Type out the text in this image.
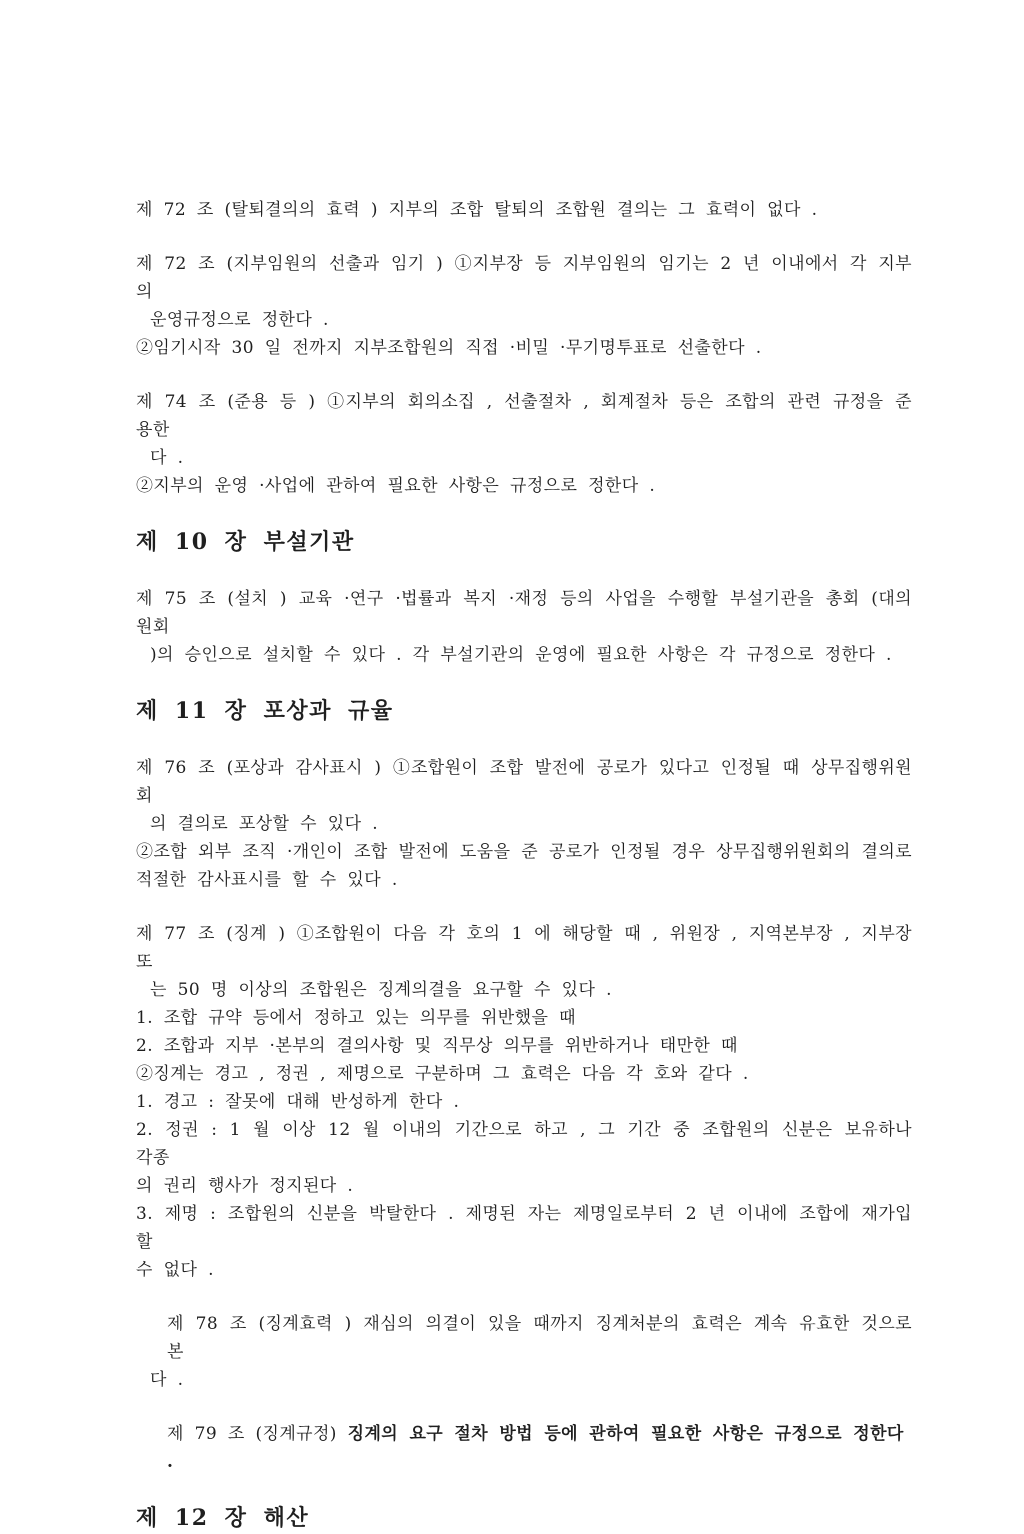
제 72 조 (탈퇴결의의 효력 ) 지부의 조합 탈퇴의 조합원 결의는 그 효력이 없다 .
제 72 조 (지부임원의 선출과 임기 ) ①지부장 등 지부임원의 임기는 2 년 이내에서 각 지부의
운영규정으로 정한다 .
②임기시작 30 일 전까지 지부조합원의 직접 ·비밀 ·무기명투표로 선출한다 .
제 74 조 (준용 등 ) ①지부의 회의소집 , 선출절차 , 회계절차 등은 조합의 관련 규정을 준용한
다 .
②지부의 운영 ·사업에 관하여 필요한 사항은 규정으로 정한다 .
제 10 장 부설기관
제 75 조 (설치 ) 교육 ·연구 ·법률과 복지 ·재정 등의 사업을 수행할 부설기관을 총회 (대의원회
)의 승인으로 설치할 수 있다 . 각 부설기관의 운영에 필요한 사항은 각 규정으로 정한다 .
제 11 장 포상과 규율
제 76 조 (포상과 감사표시 ) ①조합원이 조합 발전에 공로가 있다고 인정될 때 상무집행위원회
의 결의로 포상할 수 있다 .
②조합 외부 조직 ·개인이 조합 발전에 도움을 준 공로가 인정될 경우 상무집행위원회의 결의로
적절한 감사표시를 할 수 있다 .
제 77 조 (징계 ) ①조합원이 다음 각 호의 1 에 해당할 때 , 위원장 , 지역본부장 , 지부장 또
는 50 명 이상의 조합원은 징계의결을 요구할 수 있다 .
1. 조합 규약 등에서 정하고 있는 의무를 위반했을 때
2. 조합과 지부 ·본부의 결의사항 및 직무상 의무를 위반하거나 태만한 때
②징계는 경고 , 정권 , 제명으로 구분하며 그 효력은 다음 각 호와 같다 .
1. 경고 : 잘못에 대해 반성하게 한다 .
2. 정권 : 1 월 이상 12 월 이내의 기간으로 하고 , 그 기간 중 조합원의 신분은 보유하나 각종
의 권리 행사가 정지된다 .
3. 제명 : 조합원의 신분을 박탈한다 . 제명된 자는 제명일로부터 2 년 이내에 조합에 재가입할
수 없다 .
제 78 조 (징계효력 ) 재심의 의결이 있을 때까지 징계처분의 효력은 계속 유효한 것으로 본
다 .
제 79 조 (징계규정) 징계의 요구 절차 방법 등에 관하여 필요한 사항은 규정으로 정한다 .
제 12 장 해산
